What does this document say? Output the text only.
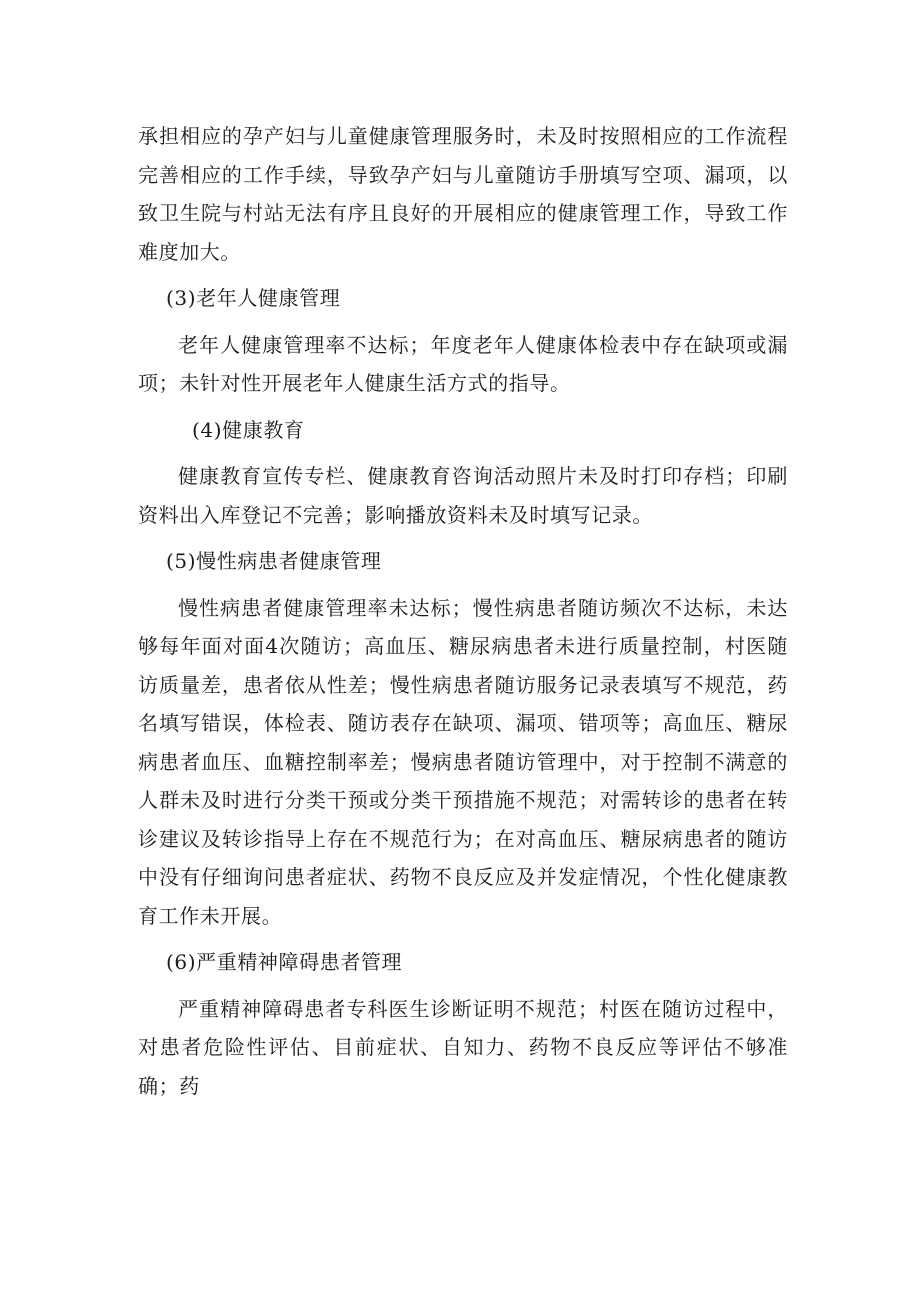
承担相应的孕产妇与儿童健康管理服务时，未及时按照相应的工作流程完善相应的工作手续，导致孕产妇与儿童随访手册填写空项、漏项，以致卫生院与村站无法有序且良好的开展相应的健康管理工作，导致工作难度加大。

(3)老年人健康管理

老年人健康管理率不达标；年度老年人健康体检表中存在缺项或漏项；未针对性开展老年人健康生活方式的指导。

(4)健康教育

健康教育宣传专栏、健康教育咨询活动照片未及时打印存档；印刷资料出入库登记不完善；影响播放资料未及时填写记录。

(5)慢性病患者健康管理

慢性病患者健康管理率未达标；慢性病患者随访频次不达标，未达够每年面对面4次随访；高血压、糖尿病患者未进行质量控制，村医随访质量差，患者依从性差；慢性病患者随访服务记录表填写不规范，药名填写错误，体检表、随访表存在缺项、漏项、错项等；高血压、糖尿病患者血压、血糖控制率差；慢病患者随访管理中，对于控制不满意的人群未及时进行分类干预或分类干预措施不规范；对需转诊的患者在转诊建议及转诊指导上存在不规范行为；在对高血压、糖尿病患者的随访中没有仔细询问患者症状、药物不良反应及并发症情况，个性化健康教育工作未开展。

(6)严重精神障碍患者管理

严重精神障碍患者专科医生诊断证明不规范；村医在随访过程中，对患者危险性评估、目前症状、自知力、药物不良反应等评估不够准确；药
